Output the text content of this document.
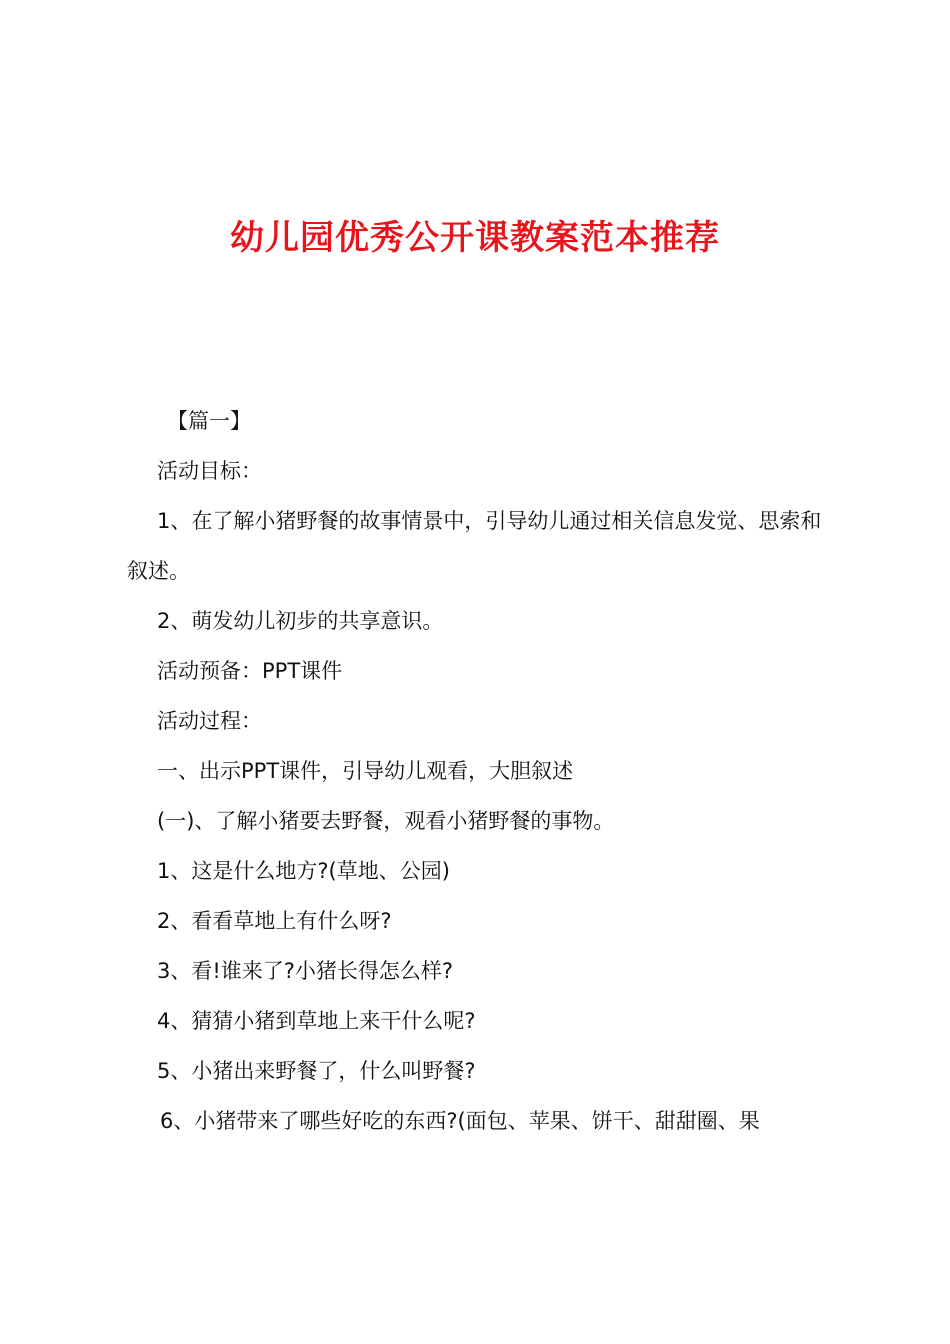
幼儿园优秀公开课教案范本推荐
【篇一】
活动目标：
1、在了解小猪野餐的故事情景中，引导幼儿通过相关信息发觉、思索和叙述。
2、萌发幼儿初步的共享意识。
活动预备：PPT课件
活动过程：
一、出示PPT课件，引导幼儿观看，大胆叙述
(一)、了解小猪要去野餐，观看小猪野餐的事物。
1、这是什么地方?(草地、公园)
2、看看草地上有什么呀?
3、看!谁来了?小猪长得怎么样?
4、猜猜小猪到草地上来干什么呢?
5、小猪出来野餐了，什么叫野餐?
6、小猪带来了哪些好吃的东西?(面包、苹果、饼干、甜甜圈、果
